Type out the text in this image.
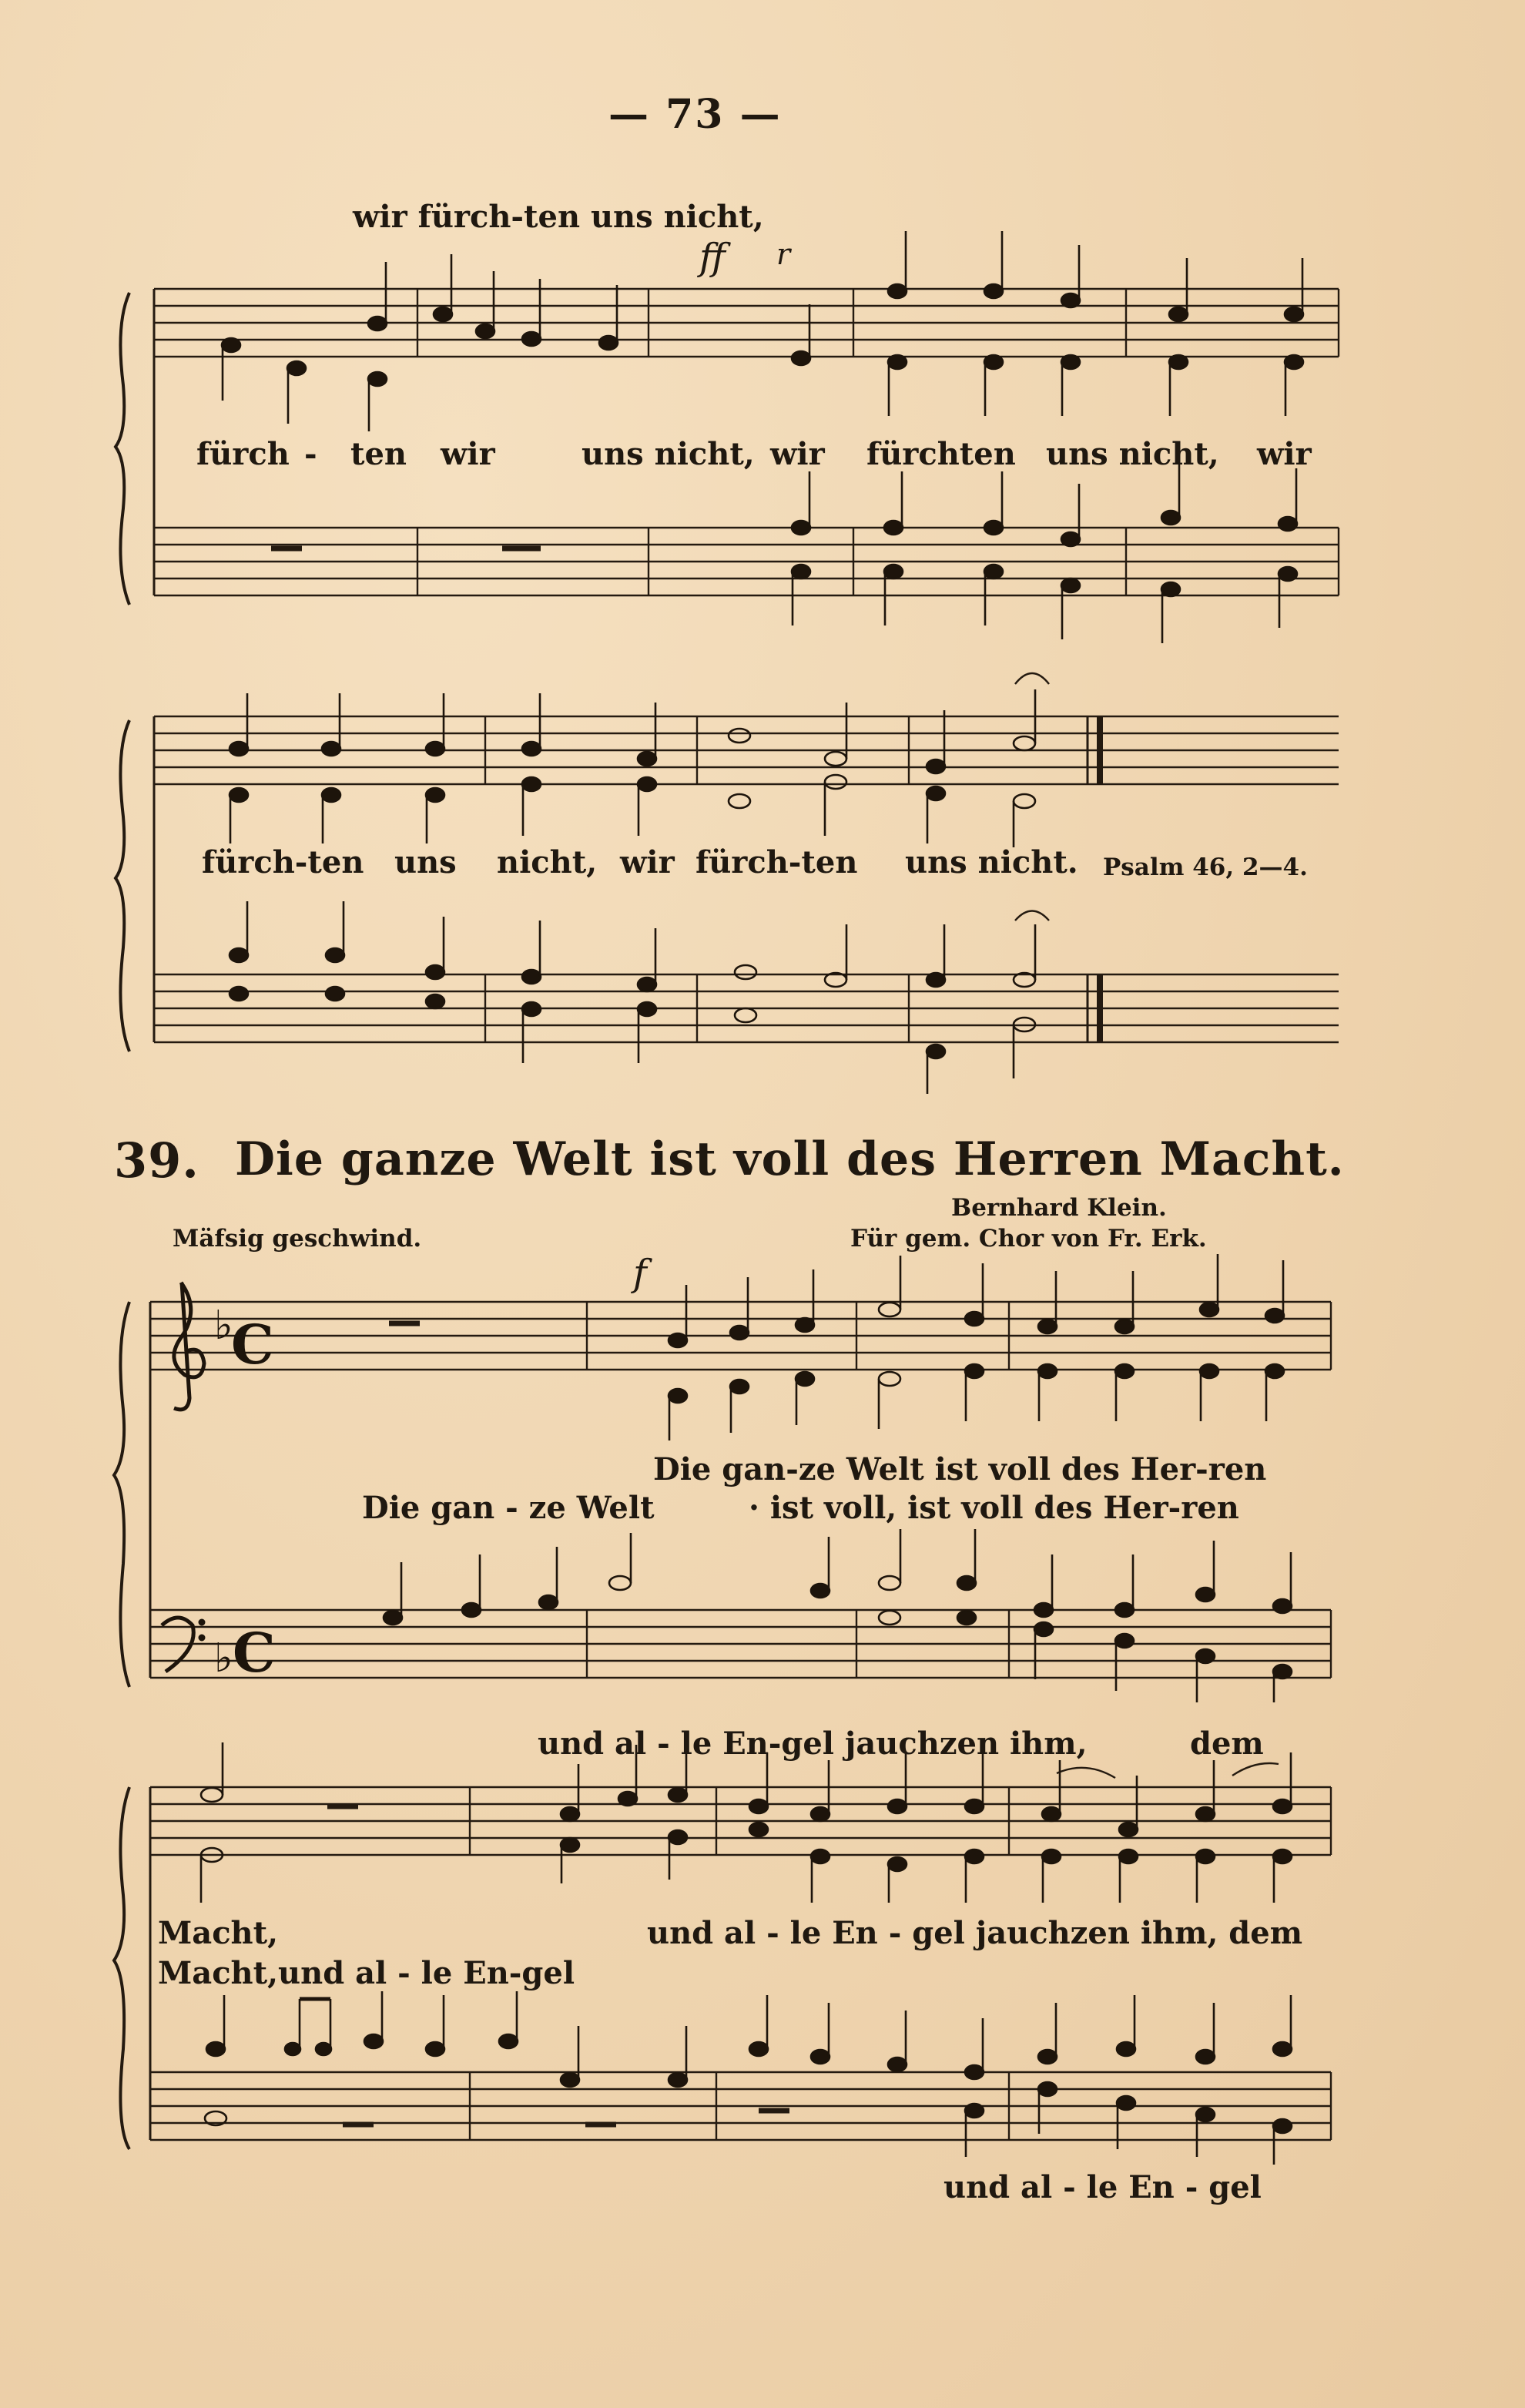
— 73 —
♭
C
♭ C
wir fürch-ten uns nicht,
ff r
fürch - ten wir	uns nicht, wir fürchten uns nicht, wir
fürch-ten uns nicht, wir fürch-ten uns nicht. Psalm 46, 2—4.
39. Die ganze Welt ist voll des Herren Macht.
Bernhard Klein.
Mäfsig geschwind.	Für gem. Chor von Fr. Erk.
f
Die gan-ze Welt ist voll des Her-ren
Die gan - ze Welt	· ist voll, ist voll des Her-ren
und al - le En-gel jauchzen ihm,	dem
Macht,	und al - le En - gel jauchzen ihm, dem
Macht,und al - le En-gel
und al - le En - gel
